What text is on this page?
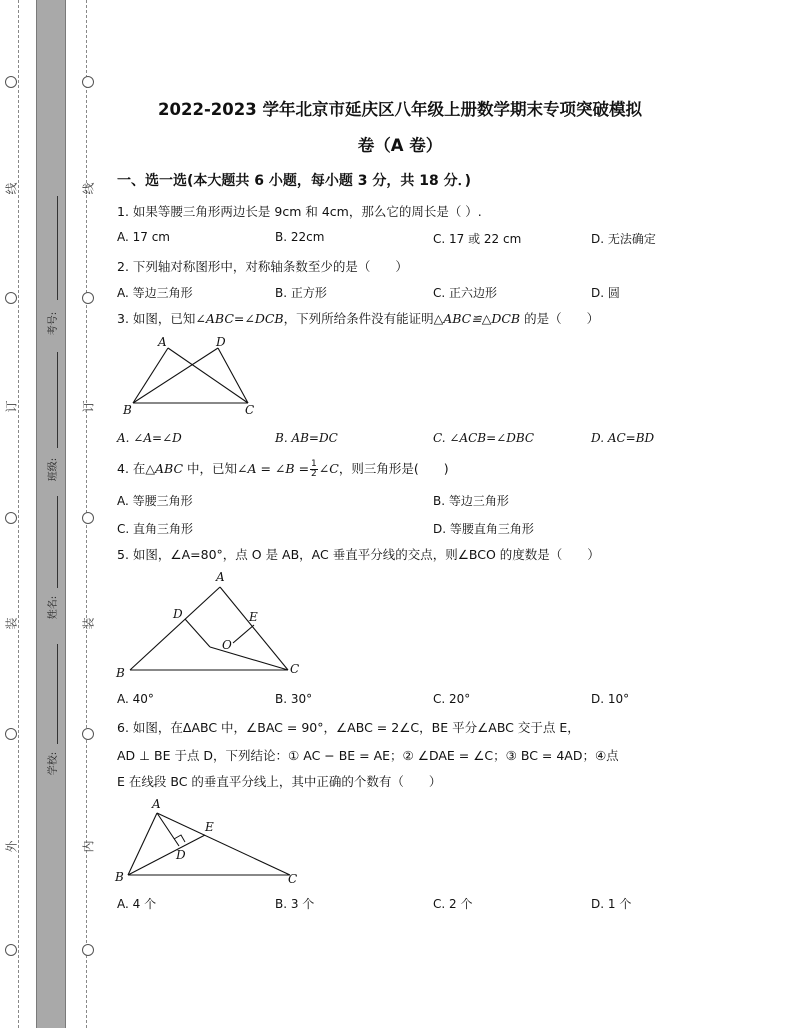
线
订
装
外
线
订
装
内
考号:
班级:
姓名:
学校:
2022-2023 学年北京市延庆区八年级上册数学期末专项突破模拟
卷（A 卷）
一、选一选(本大题共 6 小题，每小题 3 分，共 18 分．)
1. 如果等腰三角形两边长是 9cm 和 4cm，那么它的周长是（ ）.
A. 17 cm	B. 22cm	C. 17 或 22 cm	D. 无法确定
2. 下列轴对称图形中，对称轴条数至少的是（　　）
A. 等边三角形	B. 正方形	C. 正六边形	D. 圆
3. 如图，已知∠ABC=∠DCB，下列所给条件没有能证明△ABC≌△DCB 的是（　　）
A	D
B	C
A. ∠A=∠D	B. AB=DC	C. ∠ACB=∠DBC	D. AC=BD
4. 在△ABC 中，已知∠A = ∠B = $\frac{1}{2}$ ∠C，则三角形是(　　)
A. 等腰三角形	B. 等边三角形
C. 直角三角形	D. 等腰直角三角形
5. 如图，∠A=80°，点 O 是 AB，AC 垂直平分线的交点，则∠BCO 的度数是（　　）
A
D	E
O
B	C
A. 40°	B. 30°	C. 20°	D. 10°
6. 如图，在ΔABC 中，∠BAC = 90°，∠ABC = 2∠C，BE 平分∠ABC 交于点 E，
AD ⊥ BE 于点 D，下列结论：① AC − BE = AE；② ∠DAE = ∠C；③ BC = 4AD；④点
E 在线段 BC 的垂直平分线上，其中正确的个数有（　　）
A
E
D
B	C
A. 4 个	B. 3 个	C. 2 个	D. 1 个
